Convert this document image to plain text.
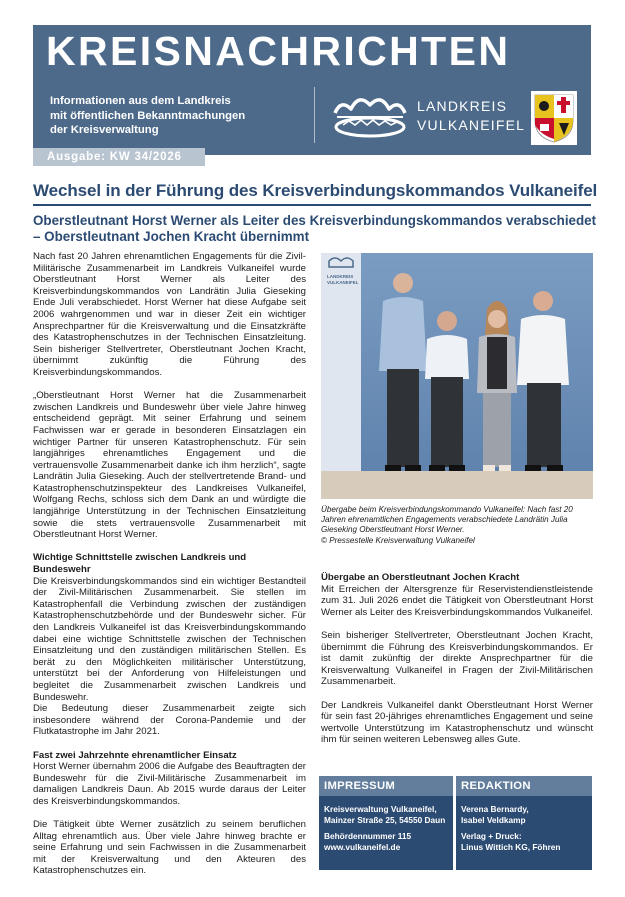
KREISNACHRICHTEN
Informationen aus dem Landkreis
mit öffentlichen Bekanntmachungen
der Kreisverwaltung
LANDKREIS
VULKANEIFEL
Ausgabe: KW 34/2026
Wechsel in der Führung des Kreisverbindungskommandos Vulkaneifel
Oberstleutnant Horst Werner als Leiter des Kreisverbindungskommandos verabschiedet
– Oberstleutnant Jochen Kracht übernimmt

Nach fast 20 Jahren ehrenamtlichen Engagements für die Zivil-Militärische Zusammenarbeit im Landkreis Vulkaneifel wurde Oberstleutnant Horst Werner als Leiter des Kreisverbindungskommandos von Landrätin Julia Gieseking Ende Juli verabschiedet. Horst Werner hat diese Aufgabe seit 2006 wahrgenommen und war in dieser Zeit ein wichtiger Ansprechpartner für die Kreisverwaltung und die Einsatzkräfte des Katastrophenschutzes in der Technischen Einsatzleitung. Sein bisheriger Stellvertreter, Oberstleutnant Jochen Kracht, übernimmt zukünftig die Führung des Kreisverbindungskommandos.

„Oberstleutnant Horst Werner hat die Zusammenarbeit zwischen Landkreis und Bundeswehr über viele Jahre hinweg entscheidend geprägt. Mit seiner Erfahrung und seinem Fachwissen war er gerade in besonderen Einsatzlagen ein wichtiger Partner für unseren Katastrophenschutz. Für sein langjähriges ehrenamtliches Engagement und die vertrauensvolle Zusammenarbeit danke ich ihm herzlich“, sagte Landrätin Julia Gieseking. Auch der stellvertretende Brand- und Katastrophenschutzinspekteur des Landkreises Vulkaneifel, Wolfgang Rechs, schloss sich dem Dank an und würdigte die langjährige Unterstützung in der Technischen Einsatzleitung sowie die stets vertrauensvolle Zusammenarbeit mit Oberstleutnant Horst Werner.

Wichtige Schnittstelle zwischen Landkreis und Bundeswehr

Die Kreisverbindungskommandos sind ein wichtiger Bestandteil der Zivil-Militärischen Zusammenarbeit. Sie stellen im Katastrophenfall die Verbindung zwischen der zuständigen Katastrophenschutzbehörde und der Bundeswehr sicher. Für den Landkreis Vulkaneifel ist das Kreisverbindungskommando dabei eine wichtige Schnittstelle zwischen der Technischen Einsatzleitung und den zuständigen militärischen Stellen. Es berät zu den Möglichkeiten militärischer Unterstützung, unterstützt bei der Anforderung von Hilfeleistungen und begleitet die Zusammenarbeit zwischen Landkreis und Bundeswehr.

Die Bedeutung dieser Zusammenarbeit zeigte sich insbesondere während der Corona-Pandemie und der Flutkatastrophe im Jahr 2021.

Fast zwei Jahrzehnte ehrenamtlicher Einsatz

Horst Werner übernahm 2006 die Aufgabe des Beauftragten der Bundeswehr für die Zivil-Militärische Zusammenarbeit im damaligen Landkreis Daun. Ab 2015 wurde daraus der Leiter des Kreisverbindungskommandos.

Die Tätigkeit übte Werner zusätzlich zu seinem beruflichen Alltag ehrenamtlich aus. Über viele Jahre hinweg brachte er seine Erfahrung und sein Fachwissen in die Zusammenarbeit mit der Kreisverwaltung und den Akteuren des Katastrophenschutzes ein.

LANDKREIS
VULKANEIFEL
Übergabe beim Kreisverbindungskommando Vulkaneifel: Nach fast 20
Jahren ehrenamtlichen Engagements verabschiedete Landrätin Julia
Gieseking Oberstleutnant Horst Werner.
© Pressestelle Kreisverwaltung Vulkaneifel
Übergabe an Oberstleutnant Jochen Kracht

Mit Erreichen der Altersgrenze für Reservistendienstleistende zum 31. Juli 2026 endet die Tätigkeit von Oberstleutnant Horst Werner als Leiter des Kreisverbindungskommandos Vulkaneifel.

Sein bisheriger Stellvertreter, Oberstleutnant Jochen Kracht, übernimmt die Führung des Kreisverbindungskommandos. Er ist damit zukünftig der direkte Ansprechpartner für die Kreisverwaltung Vulkaneifel in Fragen der Zivil-Militärischen Zusammenarbeit.

Der Landkreis Vulkaneifel dankt Oberstleutnant Horst Werner für sein fast 20-jähriges ehrenamtliches Engagement und seine wertvolle Unterstützung im Katastrophenschutz und wünscht ihm für seinen weiteren Lebensweg alles Gute.

IMPRESSUM	REDAKTION
Kreisverwaltung Vulkaneifel,
Mainzer Straße 25, 54550 Daun
Behördennummer 115
www.vulkaneifel.de
Verena Bernardy,
Isabel Veldkamp
Verlag + Druck:
Linus Wittich KG, Föhren
